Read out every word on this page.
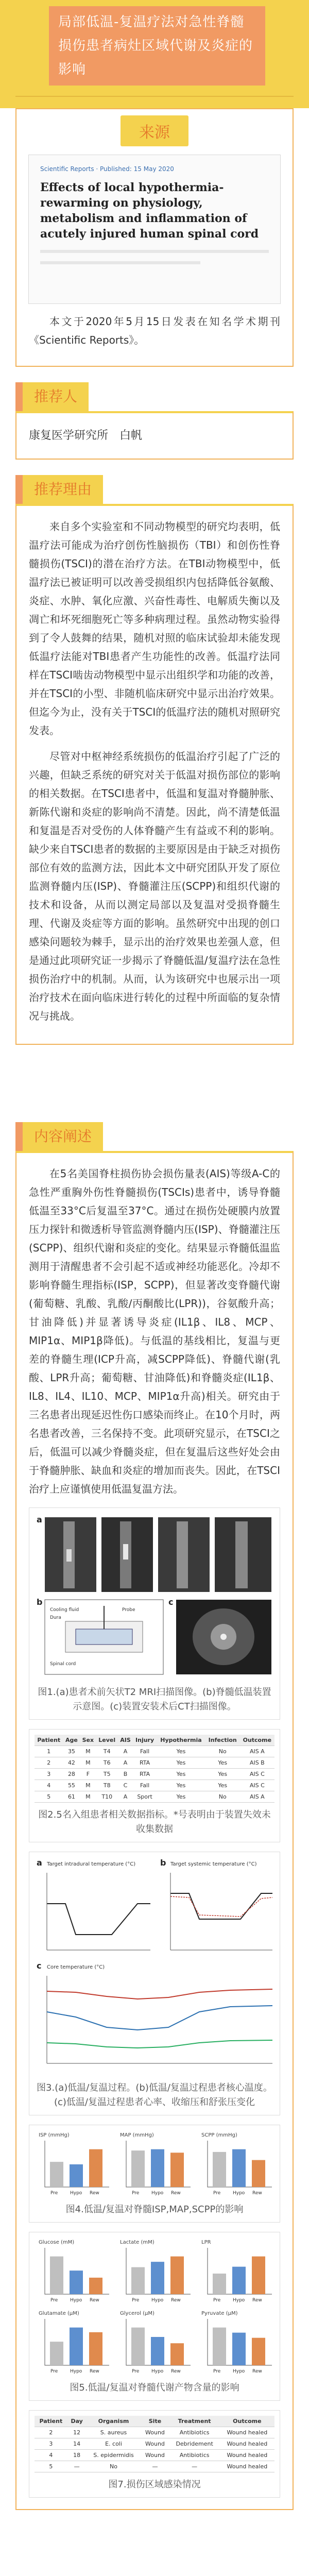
局部低温-复温疗法对急性脊髓损伤患者病灶区域代谢及炎症的影响
来源
Scientific Reports · Published: 15 May 2020
Effects of local hypothermia-rewarming on physiology, metabolism and inflammation of acutely injured human spinal cord

本文于2020年5月15日发表在知名学术期刊《Scientific Reports》。

推荐人
康复医学研究所　白帆
推荐理由

来自多个实验室和不同动物模型的研究均表明，低温疗法可能成为治疗创伤性脑损伤（TBI）和创伤性脊髓损伤(TSCI)的潜在治疗方法。在TBI动物模型中，低温疗法已被证明可以改善受损组织内包括降低谷氨酸、炎症、水肿、氧化应激、兴奋性毒性、电解质失衡以及凋亡和坏死细胞死亡等多种病理过程。虽然动物实验得到了令人鼓舞的结果，随机对照的临床试验却未能发现低温疗法能对TBI患者产生功能性的改善。低温疗法同样在TSCI啮齿动物模型中显示出组织学和功能的改善，并在TSCI的小型、非随机临床研究中显示出治疗效果。但迄今为止，没有关于TSCI的低温疗法的随机对照研究发表。

尽管对中枢神经系统损伤的低温治疗引起了广泛的兴趣，但缺乏系统的研究对关于低温对损伤部位的影响的相关数据。在TSCI患者中，低温和复温对脊髓肿胀、新陈代谢和炎症的影响尚不清楚。因此，尚不清楚低温和复温是否对受伤的人体脊髓产生有益或不利的影响。缺少来自TSCI患者的数据的主要原因是由于缺乏对损伤部位有效的监测方法，因此本文中研究团队开发了原位监测脊髓内压(ISP)、脊髓灌注压(SCPP)和组织代谢的技术和设备，从而以测定局部以及复温对受损脊髓生理、代谢及炎症等方面的影响。虽然研究中出现的创口感染问题较为棘手，显示出的治疗效果也差强人意，但是通过此项研究证一步揭示了脊髓低温/复温疗法在急性损伤治疗中的机制。从而，认为该研究中也展示出一项治疗技术在面向临床进行转化的过程中所面临的复杂情况与挑战。

内容阐述

在5名美国脊柱损伤协会损伤量表(AIS)等级A-C的急性严重胸外伤性脊髓损伤(TSCIs)患者中，诱导脊髓低温至33°C后复温至37°C。通过在损伤处硬膜内放置压力探针和微透析导管监测脊髓内压(ISP)、脊髓灌注压(SCPP)、组织代谢和炎症的变化。结果显示脊髓低温监测用于清醒患者不会引起不适或神经功能恶化。冷却不影响脊髓生理指标(ISP，SCPP)，但显著改变脊髓代谢(葡萄糖、乳酸、乳酸/丙酮酸比(LPR))，谷氨酸升高；甘油降低)并显著诱导炎症(IL1β、IL8、MCP、MIP1α、MIP1β降低)。与低温的基线相比，复温与更差的脊髓生理(ICP升高，减SCPP降低)、脊髓代谢(乳酸、LPR升高；葡萄糖、甘油降低)和脊髓炎症(IL1β、IL8、IL4、IL10、MCP、MIP1α升高)相关。研究由于三名患者出现延迟性伤口感染而终止。在10个月时，两名患者改善，三名保持不变。此项研究显示，在TSCI之后，低温可以减少脊髓炎症，但在复温后这些好处会由于脊髓肿胀、缺血和炎症的增加而丧失。因此，在TSCI治疗上应谨慎使用低温复温方法。

a
b
Cooling fluid
Dura
Spinal cord
Probe
c
图1.(a)患者术前矢状T2 MRI扫描图像。(b)脊髓低温装置示意图。(c)装置安装术后CT扫描图像。
Patient	Age	Sex	Level	AIS	Injury	Hypothermia	Infection	Outcome
1	35	M	T4	A	Fall	Yes	No	AIS A
2	42	M	T6	A	RTA	Yes	Yes	AIS B
3	28	F	T5	B	RTA	Yes	Yes	AIS C
4	55	M	T8	C	Fall	Yes	Yes	AIS C
5	61	M	T10	A	Sport	Yes	No	AIS A
图2.5名入组患者相关数据指标。*号表明由于装置失效未收集数据
a Target intradural temperature (°C)	b Target systemic temperature (°C)
c Core temperature (°C)
图3.(a)低温/复温过程。(b)低温/复温过程患者核心温度。(c)低温/复温过程患者心率、收缩压和舒张压变化
ISP (mmHg)
Pre	Hypo Rew
MAP (mmHg)
Pre	Hypo Rew
SCPP (mmHg)
Pre	Hypo Rew
图4.低温/复温对脊髓ISP,MAP,SCPP的影响
Glucose (mM)
Pre	Hypo Rew
Lactate (mM)
Pre	Hypo Rew
LPR
Pre	Hypo Rew
Glutamate (µM)
Pre	Hypo Rew
Glycerol (µM)
Pre	Hypo Rew
Pyruvate (µM)
Pre	Hypo Rew
图5.低温/复温对脊髓代谢产物含量的影响
Patient	Day	Organism	Site	Treatment	Outcome
2	12	S. aureus	Wound	Antibiotics	Wound healed
3	14	E. coli	Wound	Debridement	Wound healed
4	18	S. epidermidis	Wound	Antibiotics	Wound healed
5	—	No	—	—	Wound healed
图7.损伤区域感染情况
